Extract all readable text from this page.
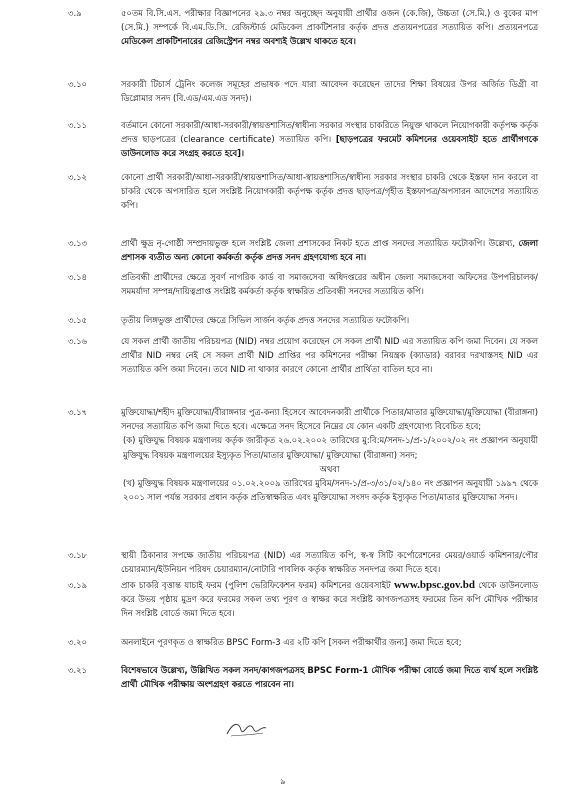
৩.৯	৫০তম বি.সি.এস. পরীক্ষার বিজ্ঞাপনের ২৯.৩ নম্বর অনুচ্ছেদ অনুযায়ী প্রার্থীর ওজন (কে.জি), উচ্চতা (সে.মি.) ও বুকের মাপ (সে.মি.) সম্পর্কে বি.এম.ডি.সি. রেজিস্টার্ড মেডিকেল প্রাকটিশনার কর্তৃক প্রদত্ত প্রত্যয়নপত্রের সত্যায়িত কপি। প্রত্যয়নপত্রে মেডিকেল প্রাকটিশনারের রেজিস্ট্রেশন নম্বর অবশ্যই উল্লেখ থাকতে হবে।
৩.১০	সরকারী টিচার্স ট্রেনিং কলেজ সমূহের প্রভাষক পদে যারা আবেদন করেছেন তাদের শিক্ষা বিষয়ের উপর অর্জিত ডিগ্রী বা ডিপ্লোমার সনদ (বি.এড/এম.এড সনদ)।
৩.১১	বর্তমানে কোনো সরকারী/আধা-সরকারী/স্বায়ত্তশাসিত/স্বাধীন্য সরকার সংস্থার চাকরিতে নিয়ুক্ত থাকলে নিয়োগকারী কর্তৃপক্ষ কর্তৃক প্রদত্ত ছাড়পত্রের (clearance certificate) সত্যায়িত কপি। [ছাড়পত্রের ফরমেট কমিশনের ওয়েবসাইট হতে প্রার্থীগণকে ডাউনলোড করে সংগ্রহ করতে হবে]।
৩.১২	কোনো প্রার্থী সরকারী/আধা-সরকারী/স্বায়ত্তশাসিত/আধা-স্বায়ত্তশাসিত/স্বাধীন্য সরকার সংস্থার চাকরি থেকে ইস্তফা দান করলে বা চাকরি থেকে অপসারিত হলে সংশ্লিষ্ট নিয়োগকারী কর্তৃপক্ষ কর্তৃক প্রদত্ত ছাড়পত্র/গৃহীত ইস্তফাপত্র/অপসারন আদেশের সত্যায়িত কপি।
৩.১৩	প্রার্থী ক্ষুদ্র নৃ-গোষ্ঠী সম্প্রদায়ভুক্ত হলে সংশ্লিষ্ট জেলা প্রশাসকের নিকট হতে প্রাপ্ত সনদের সত্যায়িত ফটোকপি। উল্লেখ্য, জেলা প্রশাসক ব্যতীত অন্য কোনো কর্মকর্তা কর্তৃক প্রদত্ত সনদ গ্রহণযোগ্য হবে না।
৩.১৪	প্রতিবন্ধী প্রার্থীদের ক্ষেত্রে সুবর্ণ নাগরিক কার্ড বা সমাজসেবা অধিদপ্তরের অধীন জেলা সমাজসেবা অফিসের উপপরিচালক/ সমমর্যাদা সম্পন্ন/দায়িত্বপ্রাপ্ত সংশ্লিষ্ট কর্মকর্তা কর্তৃক স্বাক্ষরিত প্রতিবন্ধী সনদের সত্যায়িত কপি।
৩.১৫	তৃতীয় লিঙ্গভুক্ত প্রার্থীদের ক্ষেত্রে সিভিল সার্জন কর্তৃক প্রদত্ত সনদের সত্যায়িত ফটোকপি।
৩.১৬	যে সকল প্রার্থী জাতীয় পরিচয়পত্র (NID) নম্বর প্রয়োগ করেছেন সে সকল প্রার্থী NID এর সত্যায়িত কপি জমা দিবেন। যে সকল প্রার্থীর NID নম্বর নেই সে সকল প্রার্থী NID প্রাপ্তির পর কমিশনের পরীক্ষা নিয়ন্ত্রক (ক্যাডার) বরাবর দরখাস্তসহ NID এর সত্যায়িত কপি জমা দিবেন। তবে NID না থাকার কারণে কোনো প্রার্থীর প্রার্থিতা বাতিল হবে না।
৩.১৭	মুক্তিযোদ্ধা/শহীদ মুক্তিযোদ্ধা/বীরাঙ্গনার পুত্র-কন্যা হিসেবে আবেদনকারী প্রার্থীকে পিতার/মাতার মুক্তিযোদ্ধা/মুক্তিযোদ্ধা (বীরাঙ্গনা) সনদের সত্যায়িত কপি জমা দিতে হবে। এক্ষেত্রে সনদ হিসেবে নিম্নের যে কোন একটি গ্রহণযোগ্য বিবেচিত হবে;
(ক) মুক্তিযুদ্ধ বিষয়ক মন্ত্রণালয় কর্তৃক জারীকৃত ২৬.০২.২০০২ তারিখের মু:বি:ম/সনদ-১/প্র-১/২০০২/০২ নং প্রজ্ঞাপন অনুযায়ী মুক্তিযুদ্ধ বিষয়ক মন্ত্রণালয়ের ইস্যুকৃত পিতা/মাতার মুক্তিযোদ্ধা/ মুক্তিযোদ্ধা (বীরাঙ্গনা) সনদ;
অথবা
(খ) মুক্তিযুদ্ধ বিষয়ক মন্ত্রণালয়ের ০১.০২.২০০৯ তারিখের মুবিম/সনদ-১/প্র-৩/৩১/০২/১৪০ নং প্রজ্ঞাপন অনুযায়ী ১৯৯৭ থেকে ২০০১ সাল পর্যন্ত সরকার প্রধান কর্তৃক প্রতিস্বাক্ষরিত এবং মুক্তিযোদ্ধা সংসদ কর্তৃক ইস্যুকৃত পিতা/মাতার মুক্তিযোদ্ধা সনদ।
৩.১৮	স্থায়ী ঠিকানার সপক্ষে জাতীয় পরিচয়পত্র (NID) এর সত্যায়িত কপি, স্ব-স্ব সিটি কর্পোরেশনের মেয়র/ওয়ার্ড কমিশনার/পৌর চেয়ারম্যান/ইউনিয়ন পরিষদ চেয়ারম্যান/নোটারি পাবলিক কর্তৃক স্বাক্ষরিত সনদপত্র জমা দিতে হবে।
৩.১৯	প্রাক চাকরি বৃত্তান্ত যাচাই ফরম (পুলিশ ভেরিফিকেশন ফরম) কমিশনের ওয়েবসাইট www.bpsc.gov.bd থেকে ডাউনলোড করে উভয় পৃষ্ঠায় মুদ্রণ করে ফরমের সকল তথ্য পূরণ ও স্বাক্ষর করে সংশ্লিষ্ট কাগজপত্রসহ ফরমের তিন কপি মৌখিক পরীক্ষার দিন সংশ্লিষ্ট বোর্ডে জমা দিতে হবে।
৩.২০	অনলাইনে পূরণকৃত ও স্বাক্ষরিত BPSC Form-3 এর ২টি কপি [সকল পরীক্ষার্থীর জন্য] জমা দিতে হবে;
৩.২১	বিশেষভাবে উল্লেখ্য, উল্লিখিত সকল সনদ/কাগজপত্রসহ BPSC Form-1 মৌখিক পরীক্ষা বোর্ডে জমা দিতে ব্যর্থ হলে সংশ্লিষ্ট প্রার্থী মৌখিক পরীক্ষায় অংশগ্রহণ করতে পারবেন না।
৯
